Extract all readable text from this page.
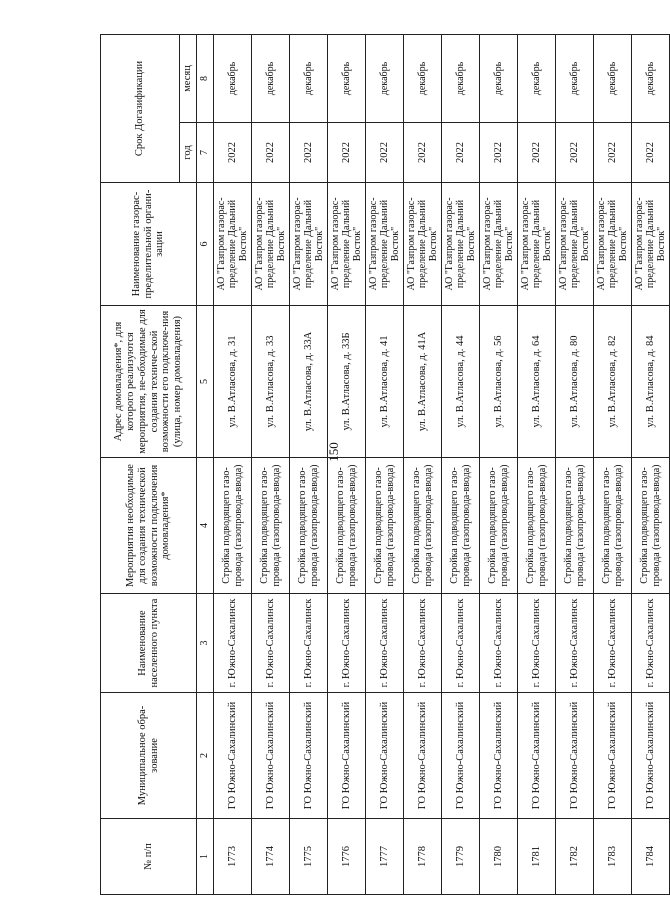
150
№ п/п	Муниципальное обра-зование	Наименование населенного пункта	Мероприятия необходимые для создания технической возможности подключения домовладения*	Адрес домовладения*, для которого реализуются мероприятия, не-обходимые для создания техниче-ской возможности его подключе-ния (улица, номер домовладения)	Наименование газорас-пределительной органи-зации	Срок Догазификации	
						год	месяц
1	2	3	4	5	6	7	8
1773	ГО Южно-Сахалинский	г. Южно-Сахалинск	Стройка подводящего газо-провода (газопровода-ввода)	ул. В.Атласова, д. 31	АО "Газпром газорас-пределение Дальний Восток"	2022	декабрь
1774	ГО Южно-Сахалинский	г. Южно-Сахалинск	Стройка подводящего газо-провода (газопровода-ввода)	ул. В.Атласова, д. 33	АО "Газпром газорас-пределение Дальний Восток"	2022	декабрь
1775	ГО Южно-Сахалинский	г. Южно-Сахалинск	Стройка подводящего газо-провода (газопровода-ввода)	ул. В.Атласова, д. 33А	АО "Газпром газорас-пределение Дальний Восток"	2022	декабрь
1776	ГО Южно-Сахалинский	г. Южно-Сахалинск	Стройка подводящего газо-провода (газопровода-ввода)	ул. В.Атласова, д. 33Б	АО "Газпром газорас-пределение Дальний Восток"	2022	декабрь
1777	ГО Южно-Сахалинский	г. Южно-Сахалинск	Стройка подводящего газо-провода (газопровода-ввода)	ул. В.Атласова, д. 41	АО "Газпром газорас-пределение Дальний Восток"	2022	декабрь
1778	ГО Южно-Сахалинский	г. Южно-Сахалинск	Стройка подводящего газо-провода (газопровода-ввода)	ул. В.Атласова, д. 41А	АО "Газпром газорас-пределение Дальний Восток"	2022	декабрь
1779	ГО Южно-Сахалинский	г. Южно-Сахалинск	Стройка подводящего газо-провода (газопровода-ввода)	ул. В.Атласова, д. 44	АО "Газпром газорас-пределение Дальний Восток"	2022	декабрь
1780	ГО Южно-Сахалинский	г. Южно-Сахалинск	Стройка подводящего газо-провода (газопровода-ввода)	ул. В.Атласова, д. 56	АО "Газпром газорас-пределение Дальний Восток"	2022	декабрь
1781	ГО Южно-Сахалинский	г. Южно-Сахалинск	Стройка подводящего газо-провода (газопровода-ввода)	ул. В.Атласова, д. 64	АО "Газпром газорас-пределение Дальний Восток"	2022	декабрь
1782	ГО Южно-Сахалинский	г. Южно-Сахалинск	Стройка подводящего газо-провода (газопровода-ввода)	ул. В.Атласова, д. 80	АО "Газпром газорас-пределение Дальний Восток"	2022	декабрь
1783	ГО Южно-Сахалинский	г. Южно-Сахалинск	Стройка подводящего газо-провода (газопровода-ввода)	ул. В.Атласова, д. 82	АО "Газпром газорас-пределение Дальний Восток"	2022	декабрь
1784	ГО Южно-Сахалинский	г. Южно-Сахалинск	Стройка подводящего газо-провода (газопровода-ввода)	ул. В.Атласова, д. 84	АО "Газпром газорас-пределение Дальний Восток"	2022	декабрь
